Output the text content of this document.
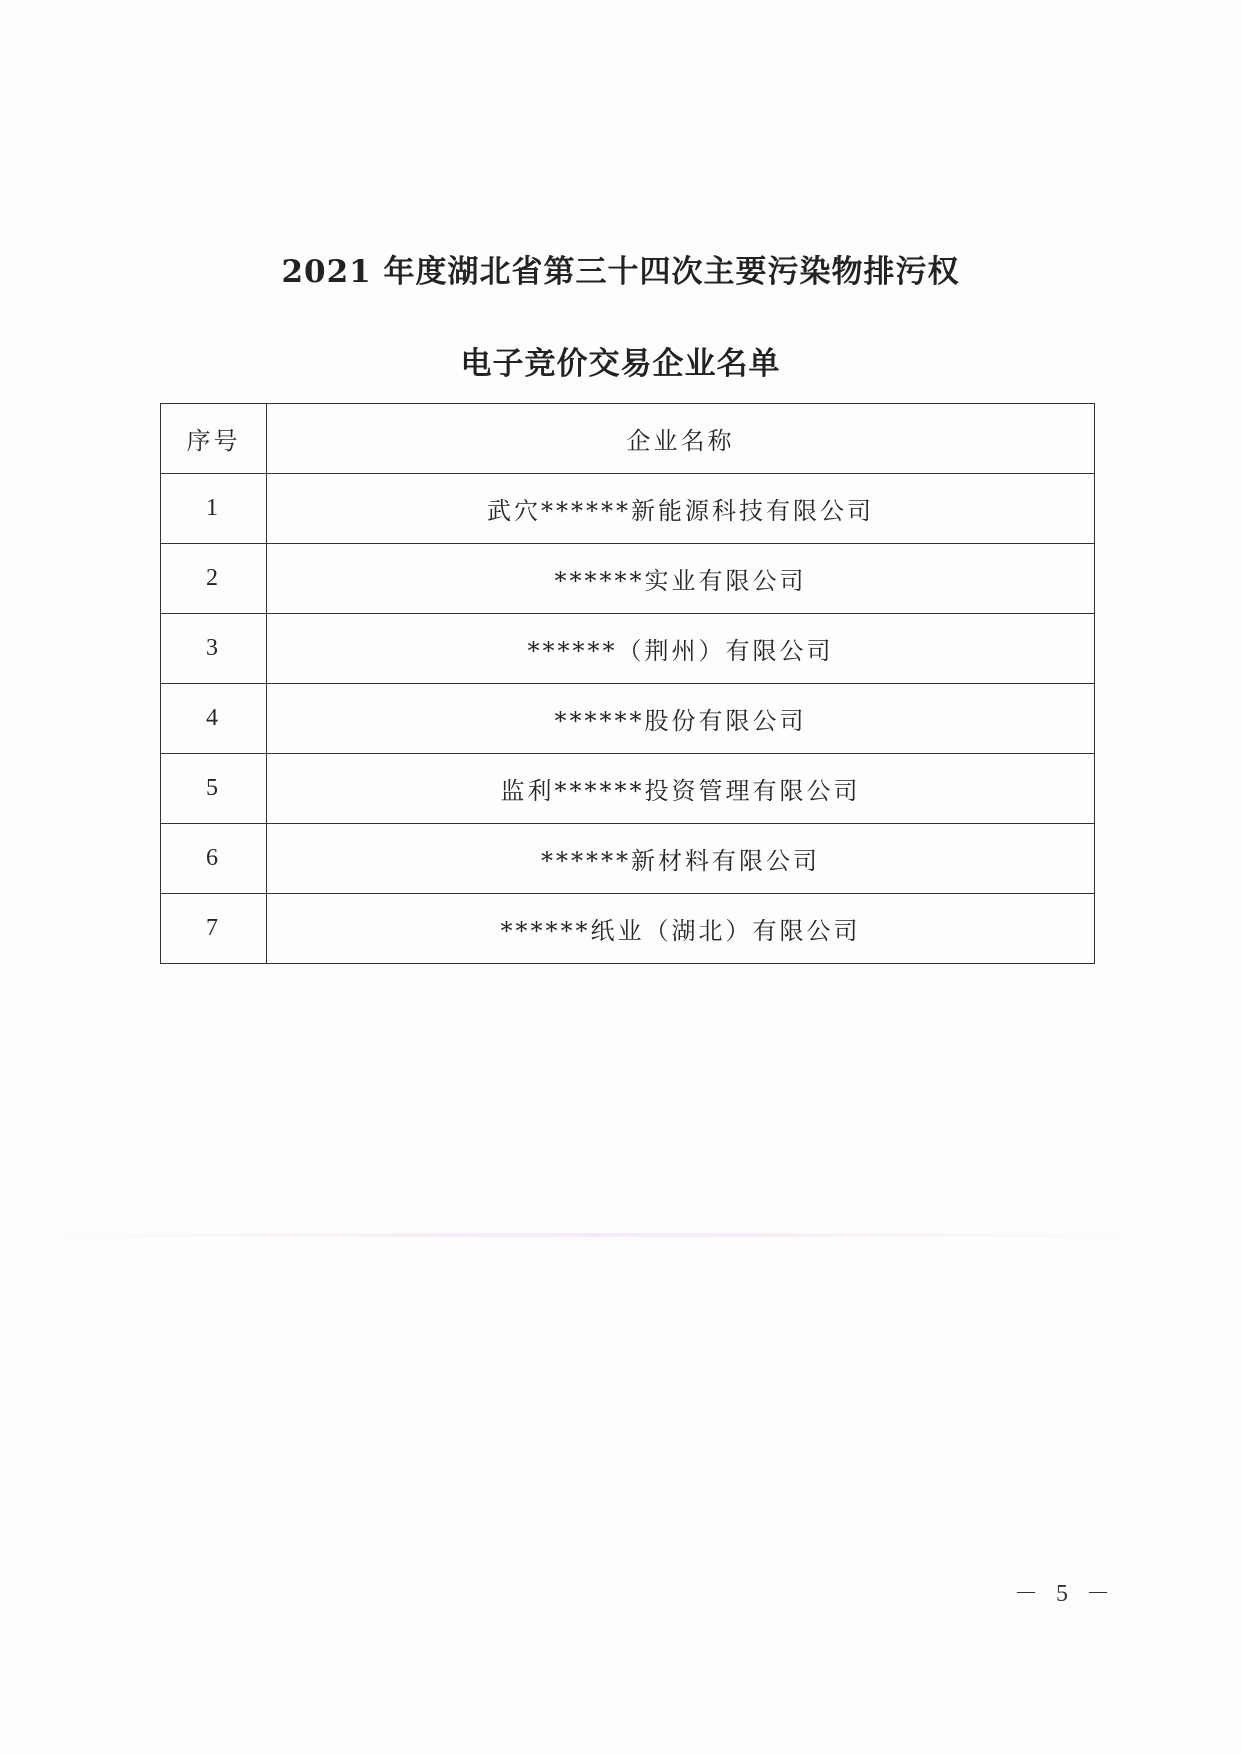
2021 年度湖北省第三十四次主要污染物排污权
电子竞价交易企业名单
序号	企业名称
1	武穴******新能源科技有限公司
2	******实业有限公司
3	******（荆州）有限公司
4	******股份有限公司
5	监利******投资管理有限公司
6	******新材料有限公司
7	******纸业（湖北）有限公司
－ 5 －
